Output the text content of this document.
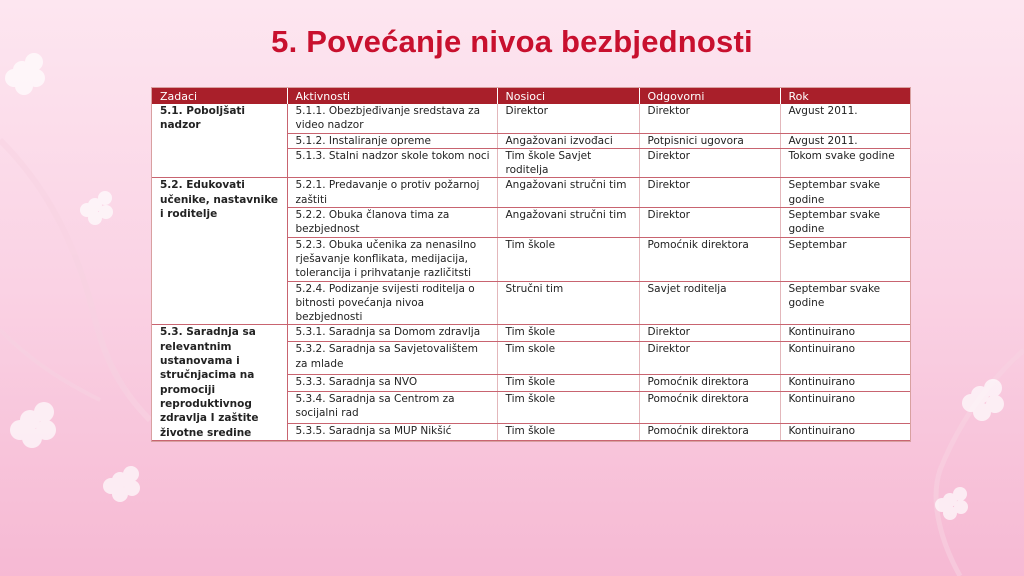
5. Povećanje nivoa bezbjednosti
Zadaci	Aktivnosti	Nosioci	Odgovorni	Rok
5.1. Poboljšati nadzor	5.1.1. Obezbjeđivanje sredstava za video nadzor	Direktor	Direktor	Avgust 2011.
	5.1.2. Instaliranje opreme	Angažovani izvođaci	Potpisnici ugovora	Avgust 2011.
	5.1.3. Stalni nadzor skole tokom noci	Tim škole Savjet roditelja	Direktor	Tokom svake godine
5.2. Edukovati učenike, nastavnike i roditelje	5.2.1. Predavanje o protiv požarnoj zaštiti	Angažovani stručni tim	Direktor	Septembar svake godine
	5.2.2. Obuka članova tima za bezbjednost	Angažovani stručni tim	Direktor	Septembar svake godine
	5.2.3. Obuka učenika za nenasilno rješavanje konflikata, medijacija, tolerancija i prihvatanje različitsti	Tim škole	Pomoćnik direktora	Septembar
	5.2.4. Podizanje svijesti roditelja o bitnosti povećanja nivoa bezbjednosti	Stručni tim	Savjet roditelja	Septembar svake godine
5.3. Saradnja sa relevantnim ustanovama i stručnjacima na promociji reproduktivnog zdravlja I zaštite životne sredine	5.3.1. Saradnja sa Domom zdravlja	Tim škole	Direktor	Kontinuirano
	5.3.2. Saradnja sa Savjetovalištem za mlade	Tim skole	Direktor	Kontinuirano
	5.3.3. Saradnja sa NVO	Tim škole	Pomoćnik direktora	Kontinuirano
	5.3.4. Saradnja sa Centrom za socijalni rad	Tim škole	Pomoćnik direktora	Kontinuirano
	5.3.5. Saradnja sa MUP Nikšić	Tim škole	Pomoćnik direktora	Kontinuirano
